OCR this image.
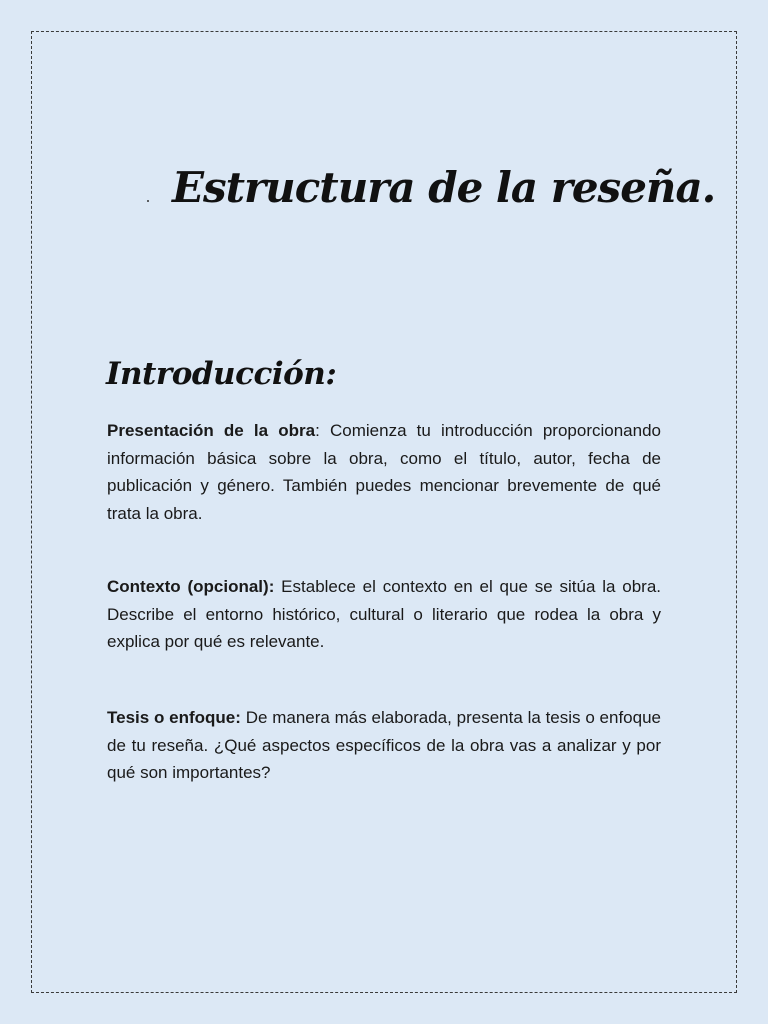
Estructura de la reseña.
Introducción:

Presentación de la obra: Comienza tu introducción proporcionando información básica sobre la obra, como el título, autor, fecha de publicación y género. También puedes mencionar brevemente de qué trata la obra.

Contexto (opcional): Establece el contexto en el que se sitúa la obra. Describe el entorno histórico, cultural o literario que rodea la obra y explica por qué es relevante.

Tesis o enfoque: De manera más elaborada, presenta la tesis o enfoque de tu reseña. ¿Qué aspectos específicos de la obra vas a analizar y por qué son importantes?
